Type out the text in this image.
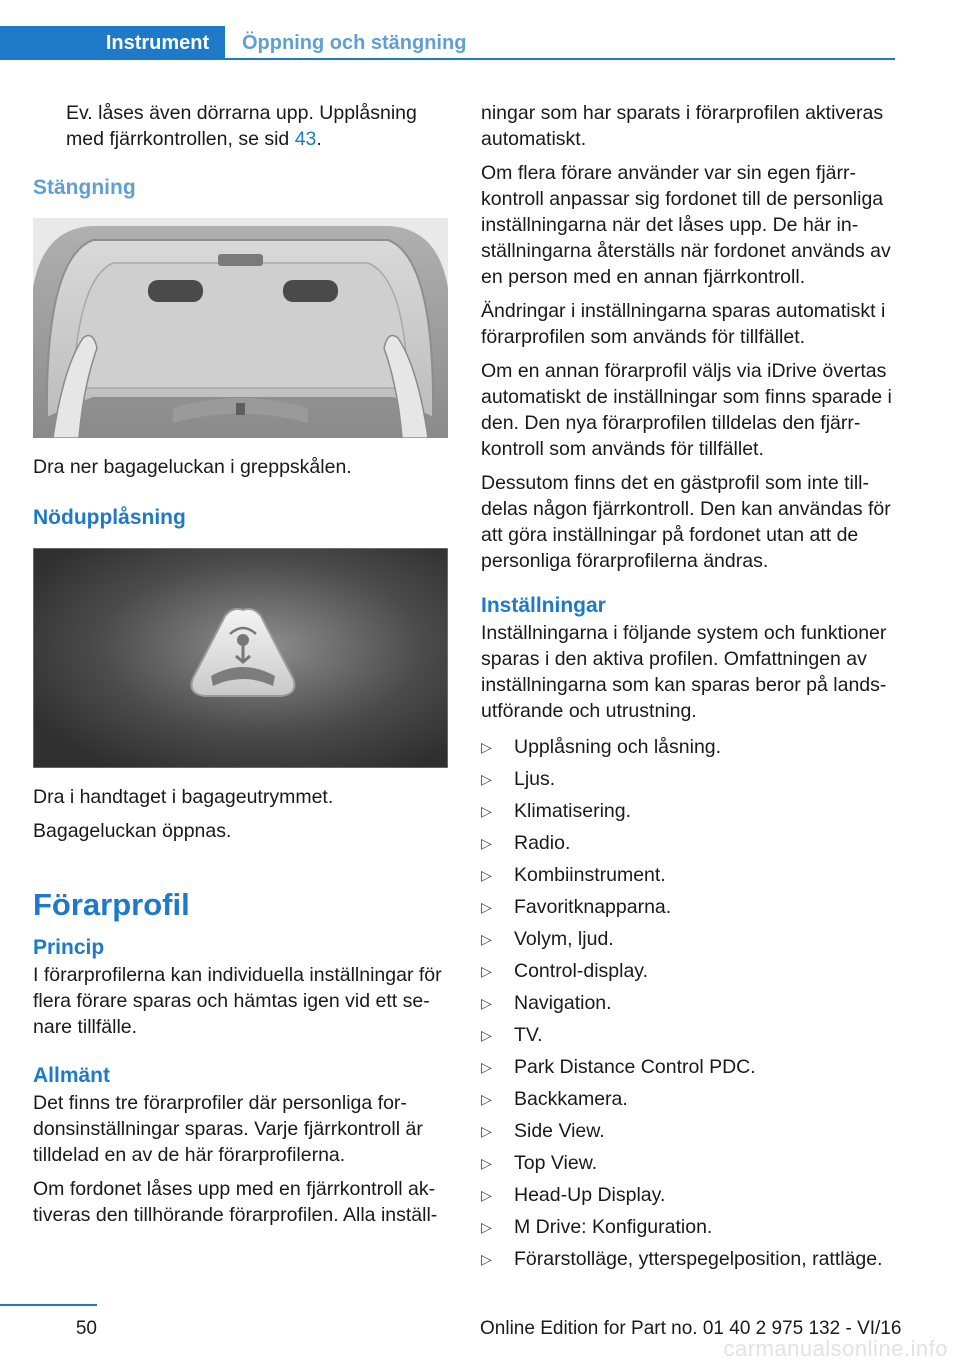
Instrument	Öppning och stängning

Ev. låses även dörrarna upp. Upplåsning med fjärrkontrollen, se sid 43.

Stängning

Dra ner bagageluckan i greppskålen.

Nödupplåsning

Dra i handtaget i bagageutrymmet.

Bagageluckan öppnas.

Förarprofil
Princip

I förarprofilerna kan individuella inställningar för flera förare sparas och hämtas igen vid ett se‐ nare tillfälle.

Allmänt

Det finns tre förarprofiler där personliga for‐ donsinställningar sparas. Varje fjärrkontroll är tilldelad en av de här förarprofilerna.

Om fordonet låses upp med en fjärrkontroll ak‐ tiveras den tillhörande förarprofilen. Alla inställ‐

ningar som har sparats i förarprofilen aktiveras automatiskt.

Om flera förare använder var sin egen fjärr‐ kontroll anpassar sig fordonet till de personliga inställningarna när det låses upp. De här in‐ ställningarna återställs när fordonet används av en person med en annan fjärrkontroll.

Ändringar i inställningarna sparas automatiskt i förarprofilen som används för tillfället.

Om en annan förarprofil väljs via iDrive övertas automatiskt de inställningar som finns sparade i den. Den nya förarprofilen tilldelas den fjärr‐ kontroll som används för tillfället.

Dessutom finns det en gästprofil som inte till‐ delas någon fjärrkontroll. Den kan användas för att göra inställningar på fordonet utan att de personliga förarprofilerna ändras.

Inställningar

Inställningarna i följande system och funktioner sparas i den aktiva profilen. Omfattningen av inställningarna som kan sparas beror på lands‐ utförande och utrustning.

▷	Upplåsning och låsning.
▷	Ljus.
▷	Klimatisering.
▷	Radio.
▷	Kombiinstrument.
▷	Favoritknapparna.
▷	Volym, ljud.
▷	Control-display.
▷	Navigation.
▷	TV.
▷	Park Distance Control PDC.
▷	Backkamera.
▷	Side View.
▷	Top View.
▷	Head-Up Display.
▷	M Drive: Konfiguration.
▷	Förarstolläge, ytterspegelposition, rattläge.
50	Online Edition for Part no. 01 40 2 975 132 - VI/16
carmanualsonline.info
